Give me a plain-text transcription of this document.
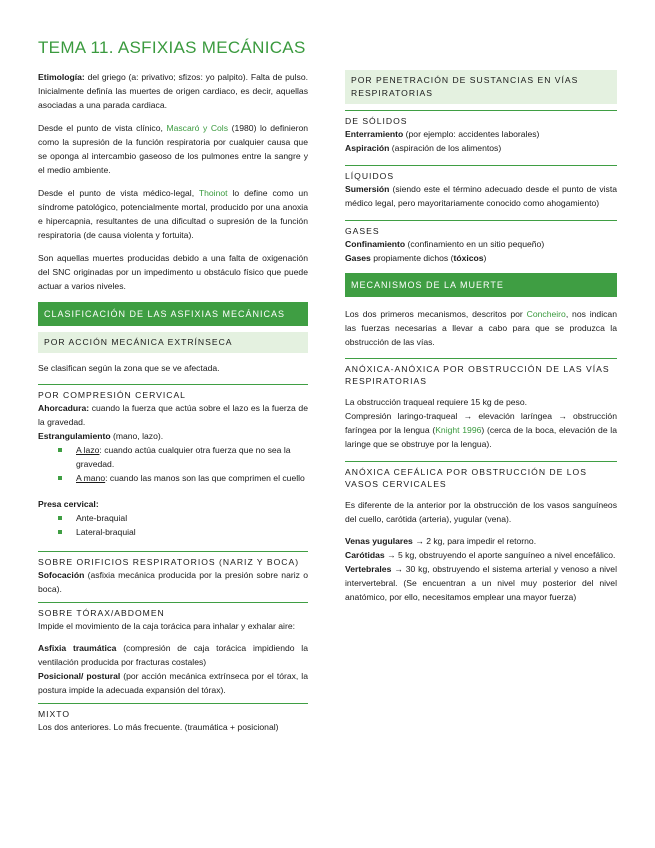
TEMA 11. ASFIXIAS MECÁNICAS

Etimología: del griego (a: privativo; sfizos: yo palpito). Falta de pulso. Inicialmente definía las muertes de origen cardiaco, es decir, aquellas asociadas a una parada cardiaca.

Desde el punto de vista clínico, Mascaró y Cols (1980) lo definieron como la supresión de la función respiratoria por cualquier causa que se oponga al intercambio gaseoso de los pulmones entre la sangre y el medio ambiente.

Desde el punto de vista médico-legal, Thoinot lo define como un síndrome patológico, potencialmente mortal, producido por una anoxia e hipercapnia, resultantes de una dificultad o supresión de la función respiratoria (de causa violenta y fortuita).

Son aquellas muertes producidas debido a una falta de oxigenación del SNC originadas por un impedimento u obstáculo físico que puede actuar a varios niveles.

CLASIFICACIÓN DE LAS ASFIXIAS MECÁNICAS
POR ACCIÓN MECÁNICA EXTRÍNSECA

Se clasifican según la zona que se ve afectada.

POR COMPRESIÓN CERVICAL
Ahorcadura: cuando la fuerza que actúa sobre el lazo es la fuerza de la gravedad.
Estrangulamiento (mano, lazo).
A lazo: cuando actúa cualquier otra fuerza que no sea la gravedad.
A mano: cuando las manos son las que comprimen el cuello
Presa cervical:
Ante-braquial
Lateral-braquial
SOBRE ORIFICIOS RESPIRATORIOS (NARIZ Y BOCA)
Sofocación (asfixia mecánica producida por la presión sobre nariz o boca).
SOBRE TÓRAX/ABDOMEN
Impide el movimiento de la caja torácica para inhalar y exhalar aire:
Asfixia traumática (compresión de caja torácica impidiendo la ventilación producida por fracturas costales)
Posicional/ postural (por acción mecánica extrínseca por el tórax, la postura impide la adecuada expansión del tórax).
MIXTO
Los dos anteriores. Lo más frecuente. (traumática + posicional)
POR PENETRACIÓN DE SUSTANCIAS EN VÍAS RESPIRATORIAS
DE SÓLIDOS
Enterramiento (por ejemplo: accidentes laborales)
Aspiración (aspiración de los alimentos)
LÍQUIDOS
Sumersión (siendo este el término adecuado desde el punto de vista médico legal, pero mayoritariamente conocido como ahogamiento)
GASES
Confinamiento (confinamiento en un sitio pequeño)
Gases propiamente dichos (tóxicos)
MECANISMOS DE LA MUERTE

Los dos primeros mecanismos, descritos por Concheiro, nos indican las fuerzas necesarias a llevar a cabo para que se produzca la obstrucción de las vías.

ANÓXICA-ANÓXICA POR OBSTRUCCIÓN DE LAS VÍAS RESPIRATORIAS
La obstrucción traqueal requiere 15 kg de peso.
Compresión laringo-traqueal → elevación laríngea → obstrucción faríngea por la lengua (Knight 1996) (cerca de la boca, elevación de la laringe que se obstruye por la lengua).
ANÓXICA CEFÁLICA POR OBSTRUCCIÓN DE LOS VASOS CERVICALES
Es diferente de la anterior por la obstrucción de los vasos sanguíneos del cuello, carótida (arteria), yugular (vena).
Venas yugulares → 2 kg, para impedir el retorno.
Carótidas → 5 kg, obstruyendo el aporte sanguíneo a nivel encefálico.
Vertebrales → 30 kg, obstruyendo el sistema arterial y venoso a nivel intervertebral. (Se encuentran a un nivel muy posterior del nivel anatómico, por ello, necesitamos emplear una mayor fuerza)
